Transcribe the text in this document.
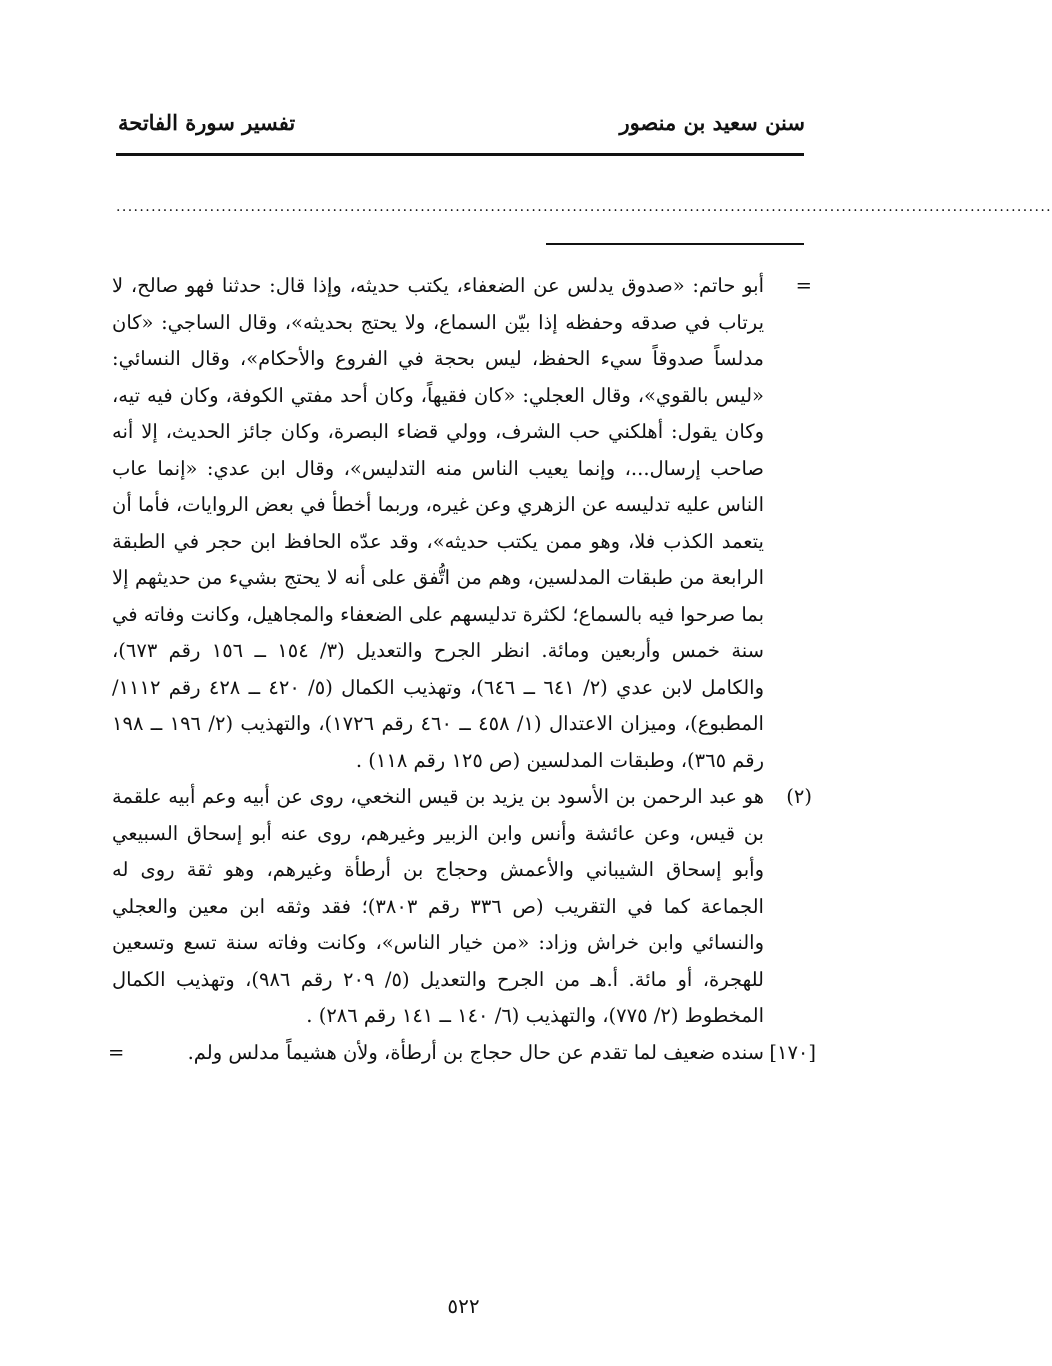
سنن سعيد بن منصور
تفسير سورة الفاتحة
................................................................................................................................................................
=
أبو حاتم: «صدوق يدلس عن الضعفاء، يكتب حديثه، وإذا قال: حدثنا فهو صالح، لا يرتاب في صدقه وحفظه إذا بيّن السماع، ولا يحتج بحديثه»، وقال الساجي: «كان مدلساً صدوقاً سيء الحفظ، ليس بحجة في الفروع والأحكام»، وقال النسائي: «ليس بالقوي»، وقال العجلي: «كان فقيهاً، وكان أحد مفتي الكوفة، وكان فيه تيه، وكان يقول: أهلكني حب الشرف، وولي قضاء البصرة، وكان جائز الحديث، إلا أنه صاحب إرسال...، وإنما يعيب الناس منه التدليس»، وقال ابن عدي: «إنما عاب الناس عليه تدليسه عن الزهري وعن غيره، وربما أخطأ في بعض الروايات، فأما أن يتعمد الكذب فلا، وهو ممن يكتب حديثه»، وقد عدّه الحافظ ابن حجر في الطبقة الرابعة من طبقات المدلسين، وهم من اتُّفق على أنه لا يحتج بشيء من حديثهم إلا بما صرحوا فيه بالسماع؛ لكثرة تدليسهم على الضعفاء والمجاهيل، وكانت وفاته في سنة خمس وأربعين ومائة. انظر الجرح والتعديل (٣/ ١٥٤ ــ ١٥٦ رقم ٦٧٣)، والكامل لابن عدي (٢/ ٦٤١ ــ ٦٤٦)، وتهذيب الكمال (٥/ ٤٢٠ ــ ٤٢٨ رقم ١١١٢/ المطبوع)، وميزان الاعتدال (١/ ٤٥٨ ــ ٤٦٠ رقم ١٧٢٦)، والتهذيب (٢/ ١٩٦ ــ ١٩٨ رقم ٣٦٥)، وطبقات المدلسين (ص ١٢٥ رقم ١١٨) .
(٢)
هو عبد الرحمن بن الأسود بن يزيد بن قيس النخعي، روى عن أبيه وعم أبيه علقمة بن قيس، وعن عائشة وأنس وابن الزبير وغيرهم، روى عنه أبو إسحاق السبيعي وأبو إسحاق الشيباني والأعمش وحجاج بن أرطأة وغيرهم، وهو ثقة روى له الجماعة كما في التقريب (ص ٣٣٦ رقم ٣٨٠٣)؛ فقد وثقه ابن معين والعجلي والنسائي وابن خراش وزاد: «من خيار الناس»، وكانت وفاته سنة تسع وتسعين للهجرة، أو مائة. أ.هـ من الجرح والتعديل (٥/ ٢٠٩ رقم ٩٨٦)، وتهذيب الكمال المخطوط (٢/ ٧٧٥)، والتهذيب (٦/ ١٤٠ ــ ١٤١ رقم ٢٨٦) .
[١٧٠]
سنده ضعيف لما تقدم عن حال حجاج بن أرطأة، ولأن هشيماً مدلس ولم.
=
٥٢٢
